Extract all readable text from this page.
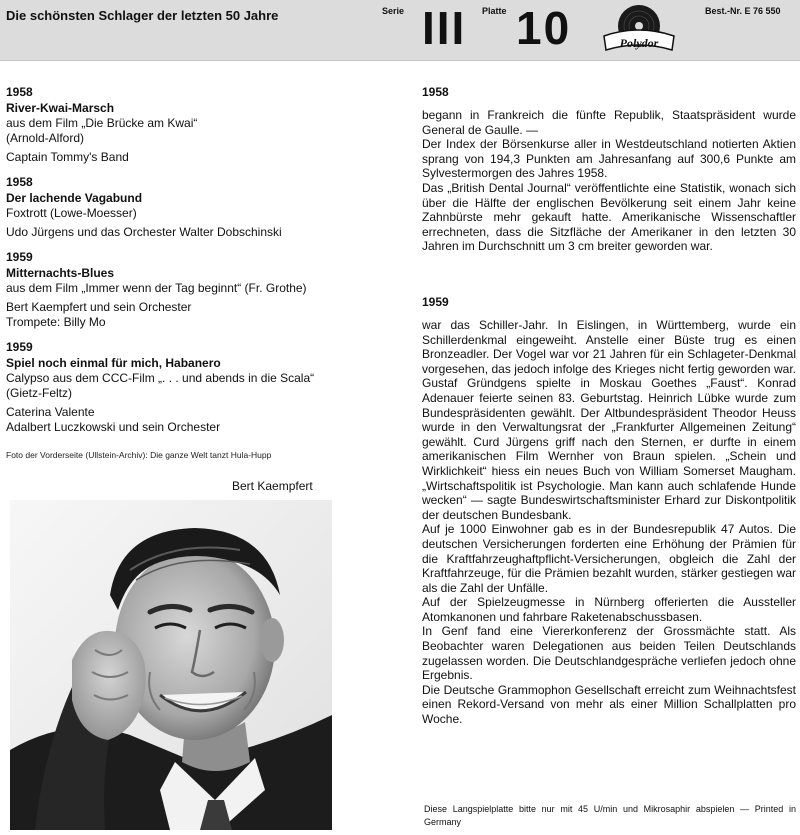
Die schönsten Schlager der letzten 50 Jahre	Serie III Platte 10	Polydor
Best.-Nr. E 76 550
1958
River-Kwai-Marsch
aus dem Film „Die Brücke am Kwai“
(Arnold-Alford)
Captain Tommy's Band
1958
Der lachende Vagabund
Foxtrott (Lowe-Moesser)
Udo Jürgens und das Orchester Walter Dobschinski
1959
Mitternachts-Blues
aus dem Film „Immer wenn der Tag beginnt“ (Fr. Grothe)
Bert Kaempfert und sein Orchester
Trompete: Billy Mo
1959
Spiel noch einmal für mich, Habanero
Calypso aus dem CCC-Film „. . . und abends in die Scala“
(Gietz-Feltz)
Caterina Valente
Adalbert Luczkowski und sein Orchester
Foto der Vorderseite (Ullstein-Archiv): Die ganze Welt tanzt Hula-Hupp
Bert Kaempfert
1958

begann in Frankreich die fünfte Republik, Staatspräsident wurde General de Gaulle. —

Der Index der Börsenkurse aller in Westdeutschland notierten Aktien sprang von 194,3 Punkten am Jahresanfang auf 300,6 Punkte am Sylvestermorgen des Jahres 1958.

Das „British Dental Journal“ veröffentlichte eine Statistik, wonach sich über die Hälfte der englischen Bevölkerung seit einem Jahr keine Zahnbürste mehr gekauft hatte. Amerikanische Wissenschaftler errechneten, dass die Sitzfläche der Amerikaner in den letzten 30 Jahren im Durchschnitt um 3 cm breiter geworden war.

1959

war das Schiller-Jahr. In Eislingen, in Württemberg, wurde ein Schillerdenkmal eingeweiht. Anstelle einer Büste trug es einen Bronzeadler. Der Vogel war vor 21 Jahren für ein Schlageter-Denkmal vorgesehen, das jedoch infolge des Krieges nicht fertig geworden war. Gustaf Gründgens spielte in Moskau Goethes „Faust“. Konrad Adenauer feierte seinen 83. Geburtstag. Heinrich Lübke wurde zum Bundespräsidenten gewählt. Der Altbundespräsident Theodor Heuss wurde in den Verwaltungsrat der „Frankfurter Allgemeinen Zeitung“ gewählt. Curd Jürgens griff nach den Sternen, er durfte in einem amerikanischen Film Wernher von Braun spielen. „Schein und Wirklichkeit“ hiess ein neues Buch von William Somerset Maugham. „Wirtschaftspolitik ist Psychologie. Man kann auch schlafende Hunde wecken“ — sagte Bundeswirtschaftsminister Erhard zur Diskontpolitik der deutschen Bundesbank.

Auf je 1000 Einwohner gab es in der Bundesrepublik 47 Autos. Die deutschen Versicherungen forderten eine Erhöhung der Prämien für die Kraftfahrzeughaftpflicht-Versicherungen, obgleich die Zahl der Kraftfahrzeuge, für die Prämien bezahlt wurden, stärker gestiegen war als die Zahl der Unfälle.

Auf der Spielzeugmesse in Nürnberg offerierten die Aussteller Atomkanonen und fahrbare Raketenabschussbasen.

In Genf fand eine Viererkonferenz der Grossmächte statt. Als Beobachter waren Delegationen aus beiden Teilen Deutschlands zugelassen worden. Die Deutschlandgespräche verliefen jedoch ohne Ergebnis.

Die Deutsche Grammophon Gesellschaft erreicht zum Weihnachtsfest einen Rekord-Versand von mehr als einer Million Schallplatten pro Woche.

Diese Langspielplatte bitte nur mit 45 U/min und Mikrosaphir abspielen — Printed in Germany
